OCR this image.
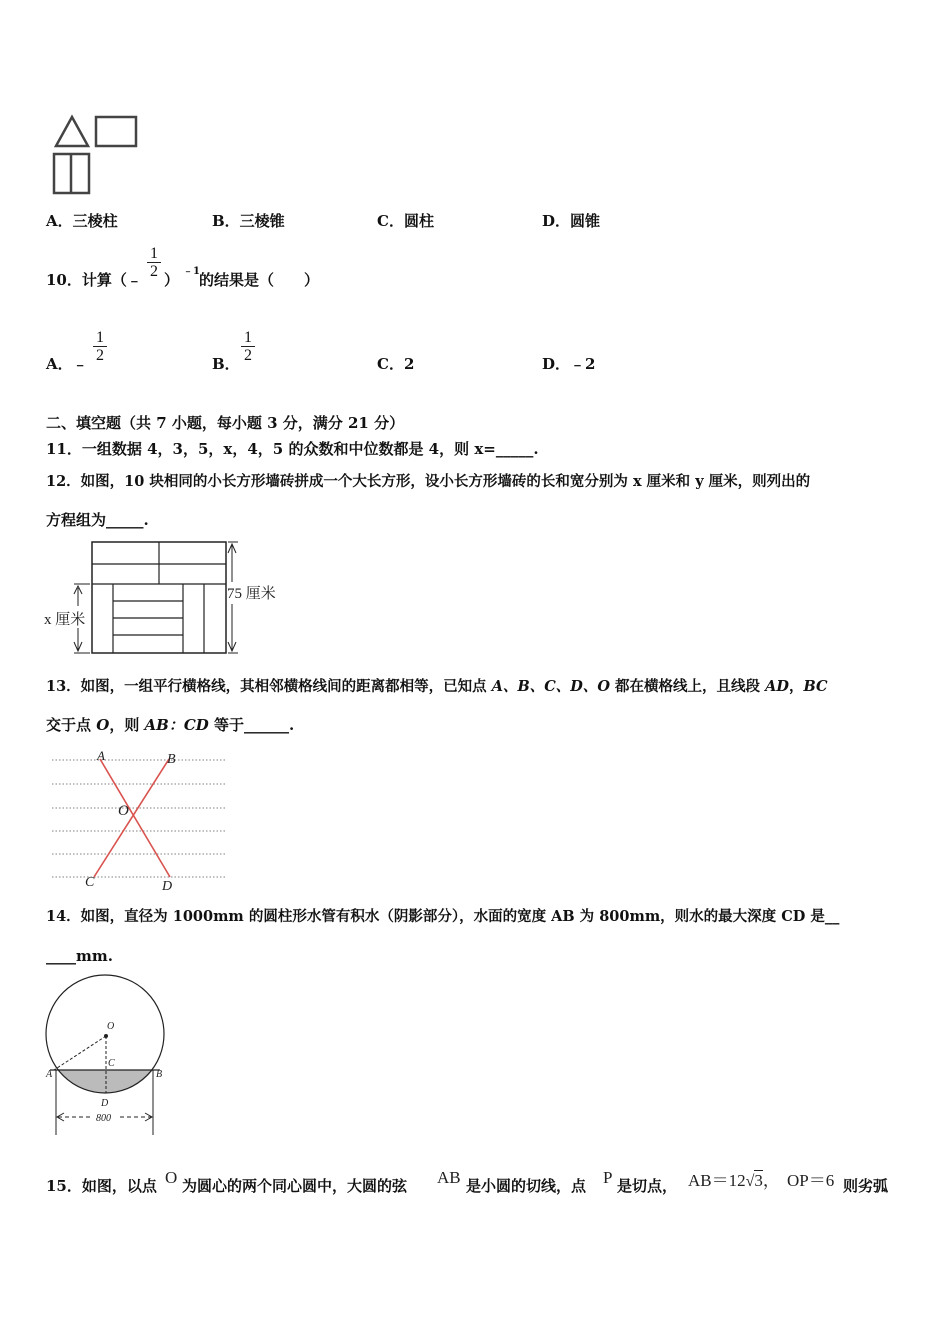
A．三棱柱	B．三棱锥	C．圆柱	D．圆锥
10．计算（﹣ $\frac{1}{2}$ ） ﹣1 的结果是（　　）
A．﹣ $\frac{1}{2}$	B． $\frac{1}{2}$	C．2	D．﹣2
二、填空题（共 7 小题，每小题 3 分，满分 21 分）
11．一组数据 4，3，5，x，4，5 的众数和中位数都是 4，则 x=_____.
12．如图，10 块相同的小长方形墙砖拼成一个大长方形，设小长方形墙砖的长和宽分别为 x 厘米和 y 厘米，则列出的
方程组为_____.
x 厘米
75 厘米
13．如图，一组平行横格线，其相邻横格线间的距离都相等，已知点 A、B、C、D、O 都在横格线上，且线段 AD，BC
交于点 O，则 AB：CD 等于______.
A	B
O
C	D
14．如图，直径为 1000mm 的圆柱形水管有积水（阴影部分），水面的宽度 AB 为 800mm，则水的最大深度 CD 是__
____mm.
O
C
A	B
D
800
15．如图，以点 O 为圆心的两个同心圆中，大圆的弦 AB 是小圆的切线，点 P 是切点， AB＝12√3， OP＝6 则劣弧
